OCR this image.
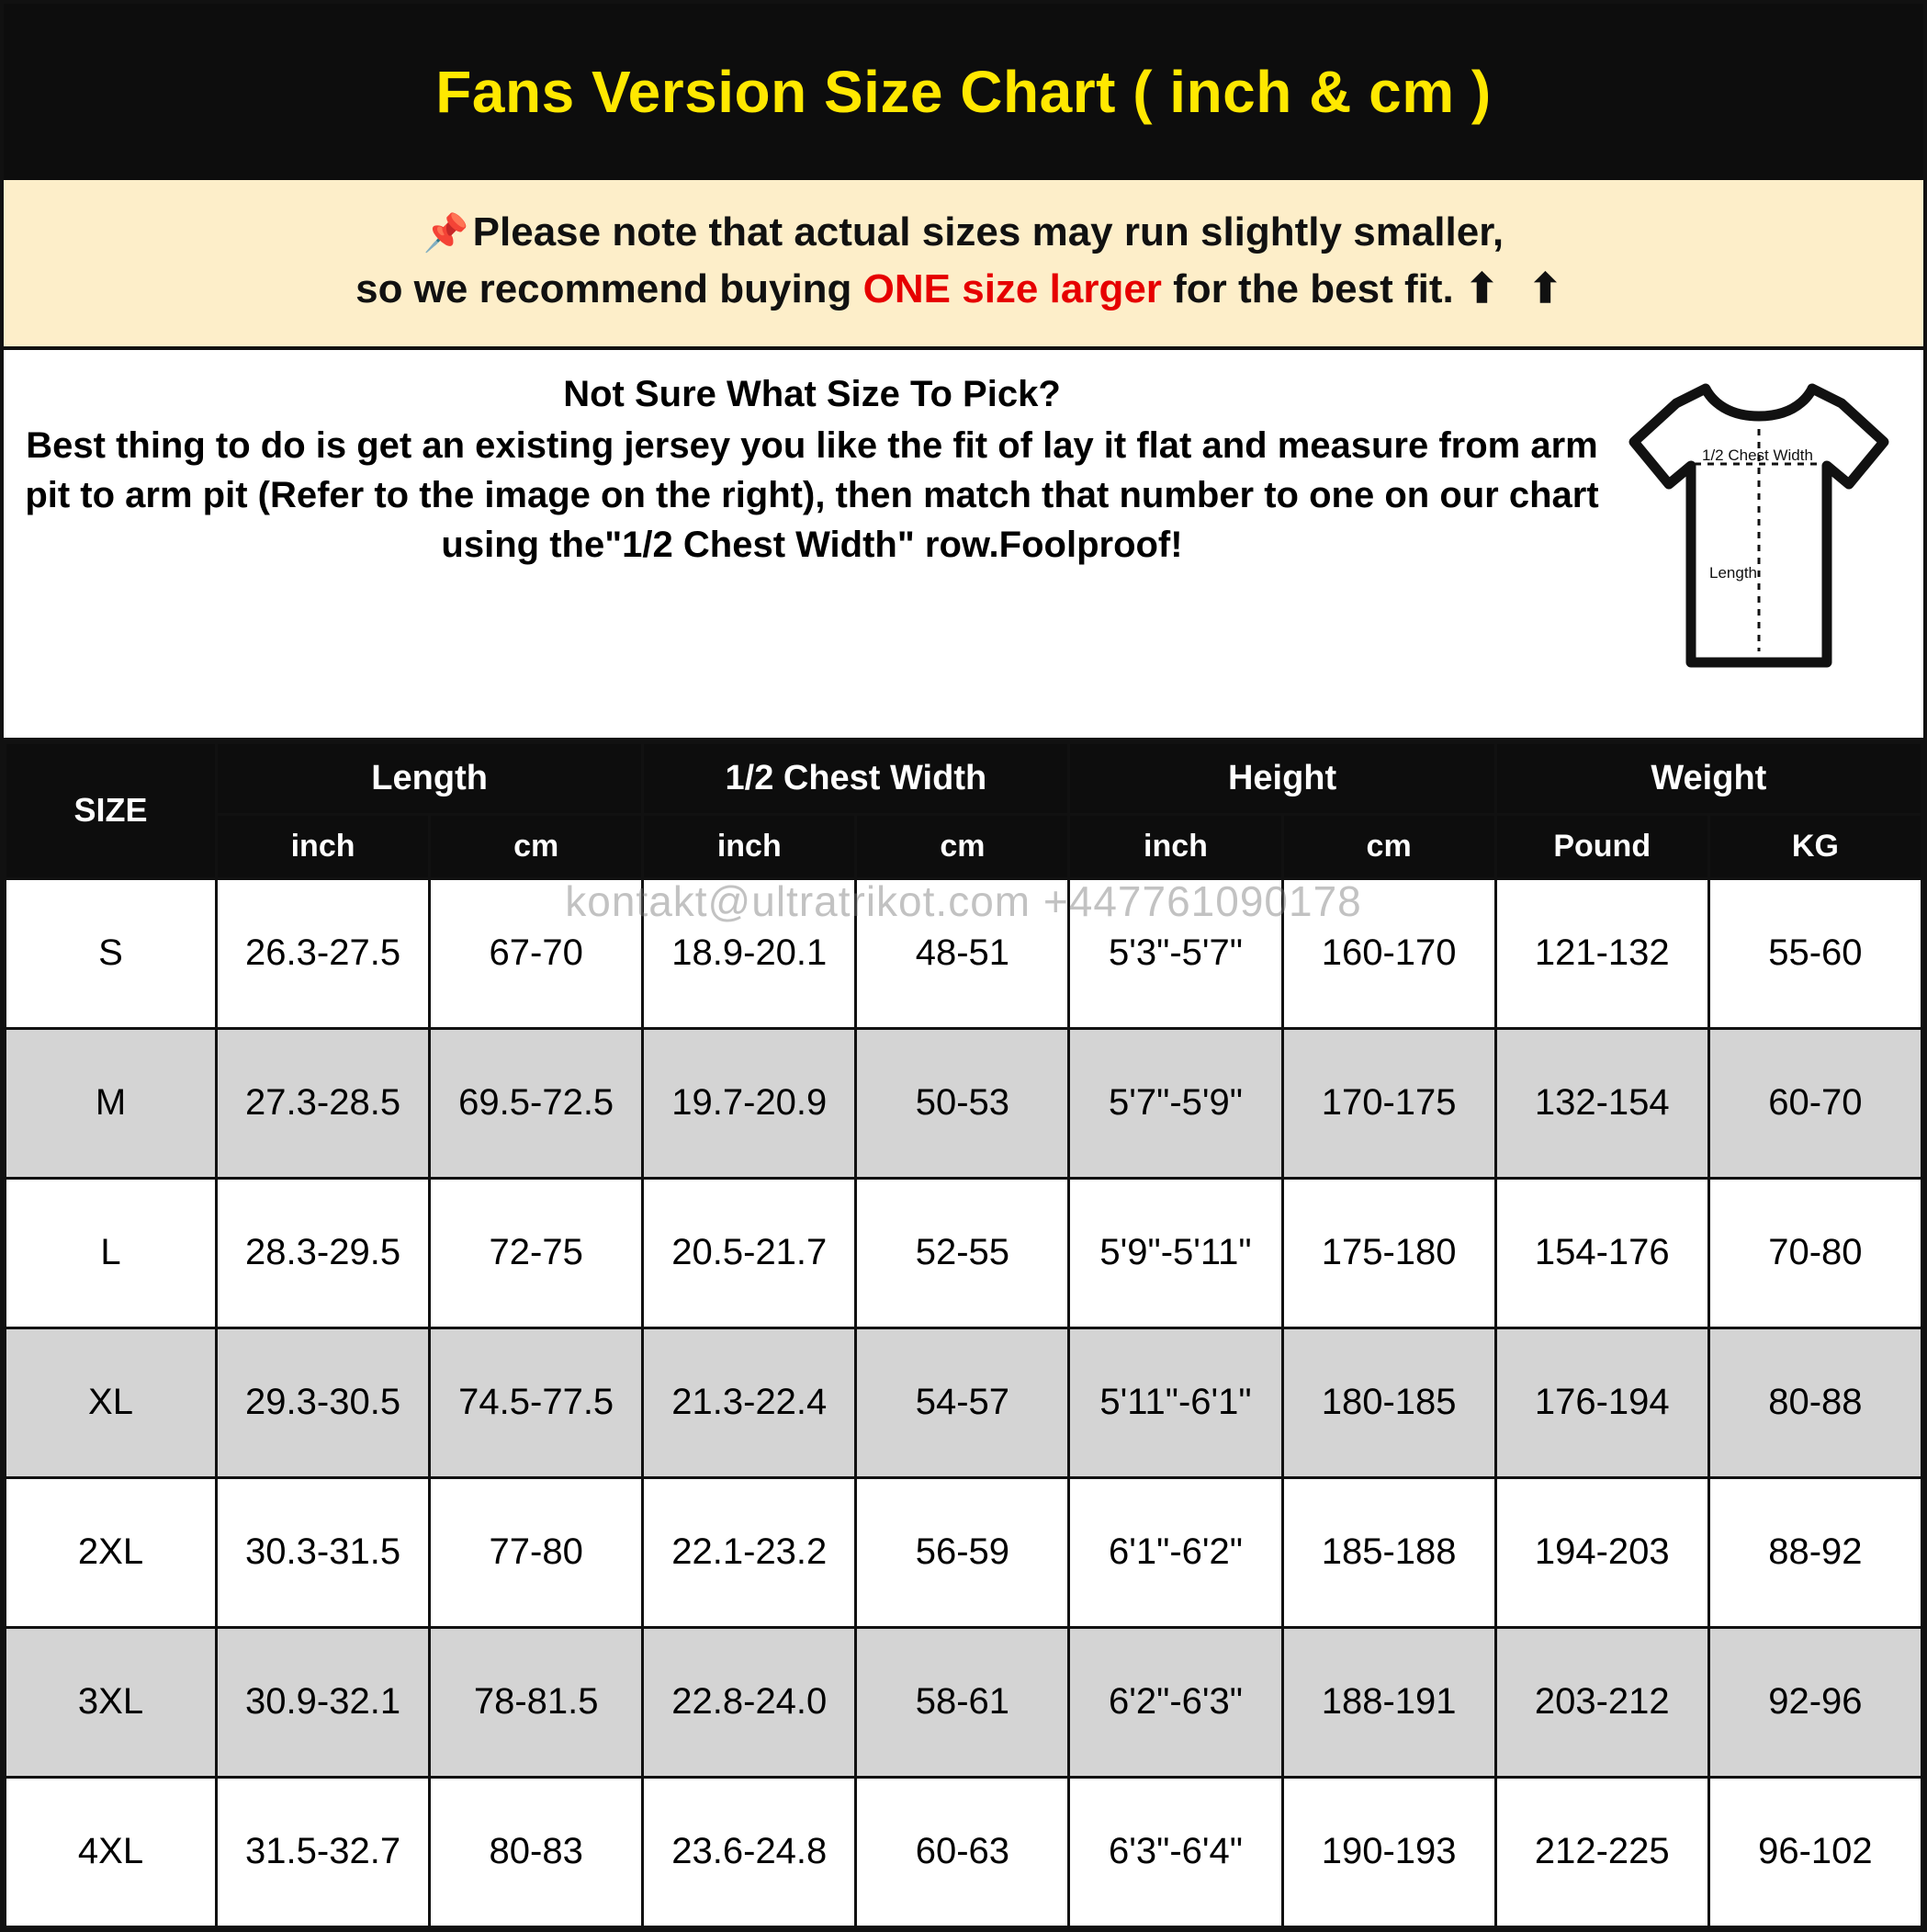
Fans Version Size Chart ( inch & cm )
📌Please note that actual sizes may run slightly smaller,
so we recommend buying ONE size larger for the best fit. ⬆ ⬆
Not Sure What Size To Pick?
Best thing to do is get an existing jersey you like the fit of lay it flat and measure from arm pit to arm pit (Refer to the image on the right), then match that number to one on our chart using the"1/2 Chest Width" row.Foolproof!
1/2 Chest Width
Length
SIZE	Length		1/2 Chest Width		Height		Weight	
	inch	cm	inch	cm	inch	cm	Pound	KG
S	26.3-27.5	67-70	18.9-20.1	48-51	5'3"-5'7"	160-170	121-132	55-60
M	27.3-28.5	69.5-72.5	19.7-20.9	50-53	5'7"-5'9"	170-175	132-154	60-70
L	28.3-29.5	72-75	20.5-21.7	52-55	5'9"-5'11"	175-180	154-176	70-80
XL	29.3-30.5	74.5-77.5	21.3-22.4	54-57	5'11"-6'1"	180-185	176-194	80-88
2XL	30.3-31.5	77-80	22.1-23.2	56-59	6'1"-6'2"	185-188	194-203	88-92
3XL	30.9-32.1	78-81.5	22.8-24.0	58-61	6'2"-6'3"	188-191	203-212	92-96
4XL	31.5-32.7	80-83	23.6-24.8	60-63	6'3"-6'4"	190-193	212-225	96-102
kontakt@ultratrikot.com +447761090178
